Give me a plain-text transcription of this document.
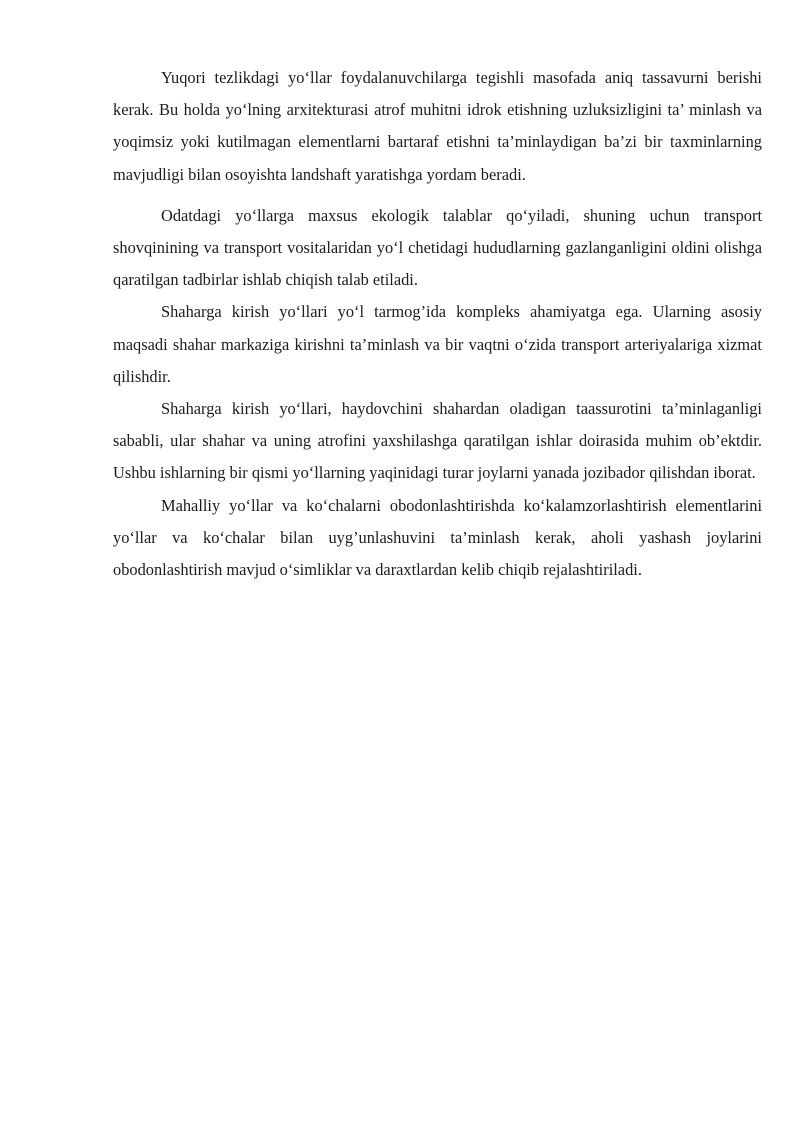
Yuqori tezlikdagi yo‘llar foydalanuvchilarga tegishli masofada aniq tassavurni berishi kerak. Bu holda yo‘lning arxitekturasi atrof muhitni idrok etishning uzluksizligini ta’ minlash va yoqimsiz yoki kutilmagan elementlarni bartaraf etishni ta’minlaydigan ba’zi bir taxminlarning mavjudligi bilan osoyishta landshaft yaratishga yordam beradi.

Odatdagi yo‘llarga maxsus ekologik talablar qo‘yiladi, shuning uchun transport shovqinining va transport vositalaridan yo‘l chetidagi hududlarning gazlanganligini oldini olishga qaratilgan tadbirlar ishlab chiqish talab etiladi.

Shaharga kirish yo‘llari yo‘l tarmog’ida kompleks ahamiyatga ega. Ularning asosiy maqsadi shahar markaziga kirishni ta’minlash va bir vaqtni o‘zida transport arteriyalariga xizmat qilishdir.

Shaharga kirish yo‘llari, haydovchini shahardan oladigan taassurotini ta’minlaganligi sababli, ular shahar va uning atrofini yaxshilashga qaratilgan ishlar doirasida muhim ob’ektdir. Ushbu ishlarning bir qismi yo‘llarning yaqinidagi turar joylarni yanada jozibador qilishdan iborat.

Mahalliy yo‘llar va ko‘chalarni obodonlashtirishda ko‘kalamzorlashtirish elementlarini yo‘llar va ko‘chalar bilan uyg’unlashuvini ta’minlash kerak, aholi yashash joylarini obodonlashtirish mavjud o‘simliklar va daraxtlardan kelib chiqib rejalashtiriladi.
